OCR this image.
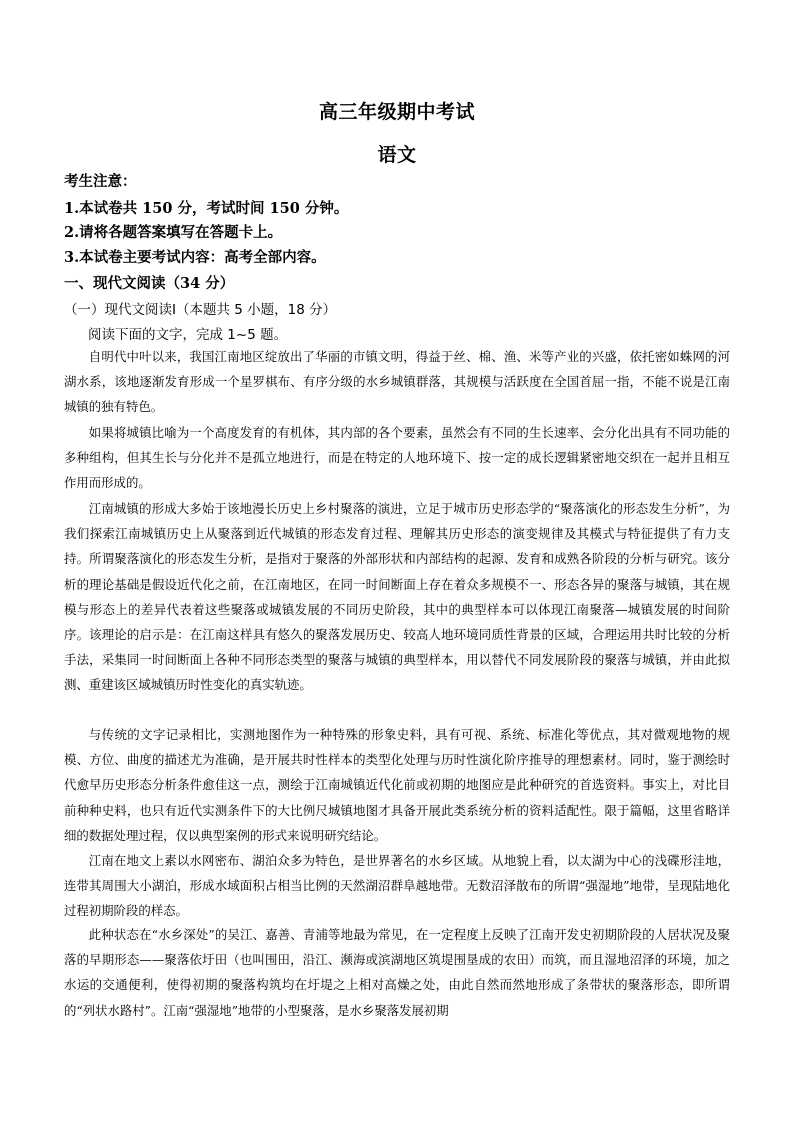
高三年级期中考试
语文
考生注意：
1.本试卷共 150 分，考试时间 150 分钟。
2.请将各题答案填写在答题卡上。
3.本试卷主要考试内容：高考全部内容。
一、现代文阅读（34 分）
（一）现代文阅读Ⅰ（本题共 5 小题，18 分）
阅读下面的文字，完成 1~5 题。

自明代中叶以来，我国江南地区绽放出了华丽的市镇文明，得益于丝、棉、渔、米等产业的兴盛，依托密如蛛网的河湖水系，该地逐渐发育形成一个星罗棋布、有序分级的水乡城镇群落，其规模与活跃度在全国首屈一指，不能不说是江南城镇的独有特色。

如果将城镇比喻为一个高度发育的有机体，其内部的各个要素，虽然会有不同的生长速率、会分化出具有不同功能的多种组构，但其生长与分化并不是孤立地进行，而是在特定的人地环境下、按一定的成长逻辑紧密地交织在一起并且相互作用而形成的。

江南城镇的形成大多始于该地漫长历史上乡村聚落的演进，立足于城市历史形态学的“聚落演化的形态发生分析”，为我们探索江南城镇历史上从聚落到近代城镇的形态发育过程、理解其历史形态的演变规律及其模式与特征提供了有力支持。所谓聚落演化的形态发生分析，是指对于聚落的外部形状和内部结构的起源、发育和成熟各阶段的分析与研究。该分析的理论基础是假设近代化之前，在江南地区，在同一时间断面上存在着众多规模不一、形态各异的聚落与城镇，其在规模与形态上的差异代表着这些聚落或城镇发展的不同历史阶段，其中的典型样本可以体现江南聚落—城镇发展的时间阶序。该理论的启示是：在江南这样具有悠久的聚落发展历史、较高人地环境同质性背景的区域，合理运用共时比较的分析手法，采集同一时间断面上各种不同形态类型的聚落与城镇的典型样本，用以替代不同发展阶段的聚落与城镇，并由此拟测、重建该区域城镇历时性变化的真实轨迹。

与传统的文字记录相比，实测地图作为一种特殊的形象史料，具有可视、系统、标准化等优点，其对微观地物的规模、方位、曲度的描述尤为准确，是开展共时性样本的类型化处理与历时性演化阶序推导的理想素材。同时，鉴于测绘时代愈早历史形态分析条件愈佳这一点，测绘于江南城镇近代化前或初期的地图应是此种研究的首选资料。事实上，对比目前种种史料，也只有近代实测条件下的大比例尺城镇地图才具备开展此类系统分析的资料适配性。限于篇幅，这里省略详细的数据处理过程，仅以典型案例的形式来说明研究结论。

江南在地文上素以水网密布、湖泊众多为特色，是世界著名的水乡区域。从地貌上看，以太湖为中心的浅碟形洼地，连带其周围大小湖泊，形成水域面积占相当比例的天然湖沼群阜越地带。无数沼泽散布的所谓“强湿地”地带，呈现陆地化过程初期阶段的样态。

此种状态在“水乡深处”的吴江、嘉善、青浦等地最为常见，在一定程度上反映了江南开发史初期阶段的人居状况及聚落的早期形态——聚落依圩田（也叫围田，沿江、濒海或滨湖地区筑堤围垦成的农田）而筑，而且湿地沼泽的环境，加之水运的交通便利，使得初期的聚落构筑均在圩堤之上相对高燥之处，由此自然而然地形成了条带状的聚落形态，即所谓的“列状水路村”。江南“强湿地”地带的小型聚落，是水乡聚落发展初期
